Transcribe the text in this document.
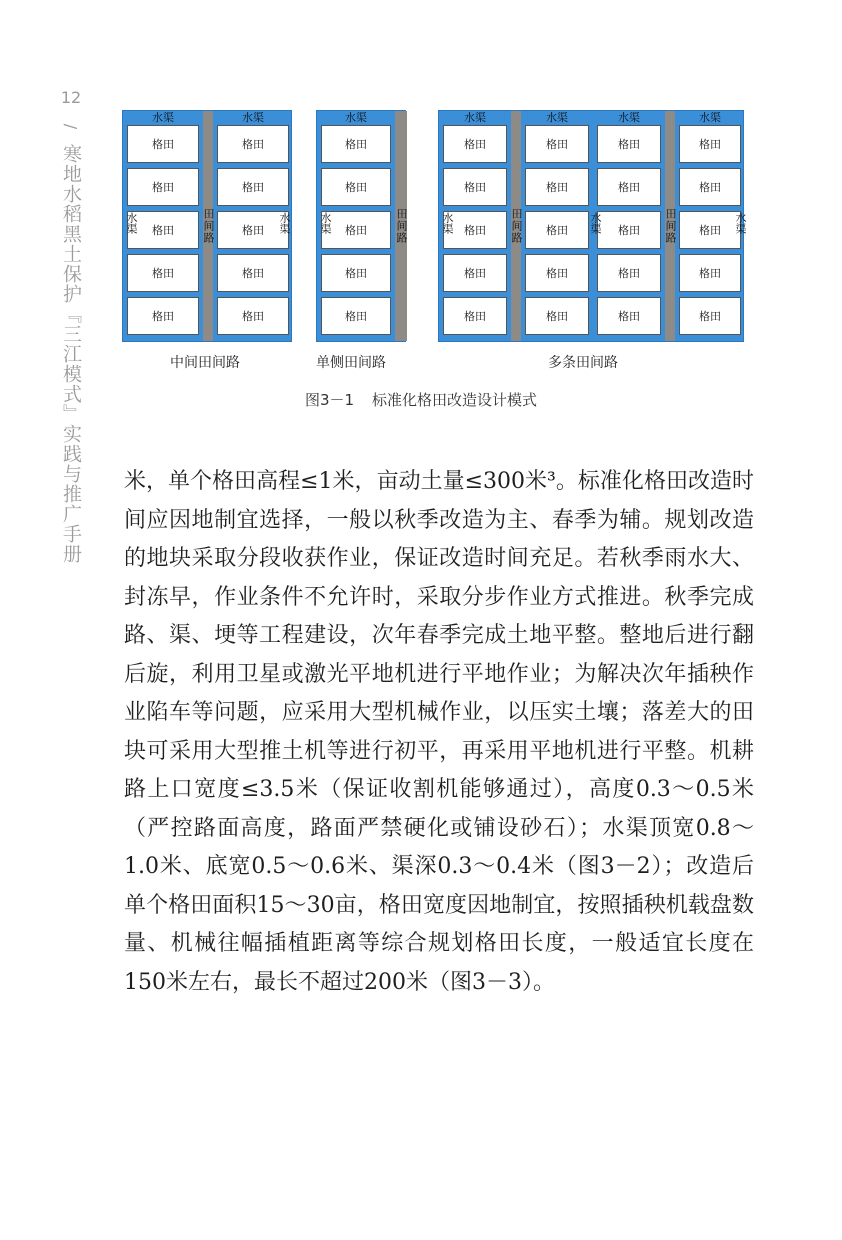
12
/
寒地水稻黑土保护『三江模式』实践与推广手册
水渠
格田
格田
格田
格田
格田
田间路
水渠
格田
格田
格田
格田
格田
水渠
格田
格田
格田
格田
格田
田间路
水渠
格田
格田
格田
格田
格田
田间路
水渠
格田
格田
格田
格田
格田
水渠
格田
格田
格田
格田
格田
田间路
水渠
格田
格田
格田
格田
格田
水渠	水渠	水渠	水渠	水渠	水渠
中间田间路	单侧田间路	多条田间路
图3－1 标准化格田改造设计模式
米，单个格田高程≤1米，亩动土量≤300米³。标准化格田改造时间应因地制宜选择，一般以秋季改造为主、春季为辅。规划改造的地块采取分段收获作业，保证改造时间充足。若秋季雨水大、封冻早，作业条件不允许时，采取分步作业方式推进。秋季完成路、渠、埂等工程建设，次年春季完成土地平整。整地后进行翻后旋，利用卫星或激光平地机进行平地作业；为解决次年插秧作业陷车等问题，应采用大型机械作业，以压实土壤；落差大的田块可采用大型推土机等进行初平，再采用平地机进行平整。机耕路上口宽度≤3.5米（保证收割机能够通过），高度0.3～0.5米（严控路面高度，路面严禁硬化或铺设砂石）；水渠顶宽0.8～1.0米、底宽0.5～0.6米、渠深0.3～0.4米（图3－2）；改造后单个格田面积15～30亩，格田宽度因地制宜，按照插秧机载盘数量、机械往幅插植距离等综合规划格田长度，一般适宜长度在150米左右，最长不超过200米（图3－3）。
